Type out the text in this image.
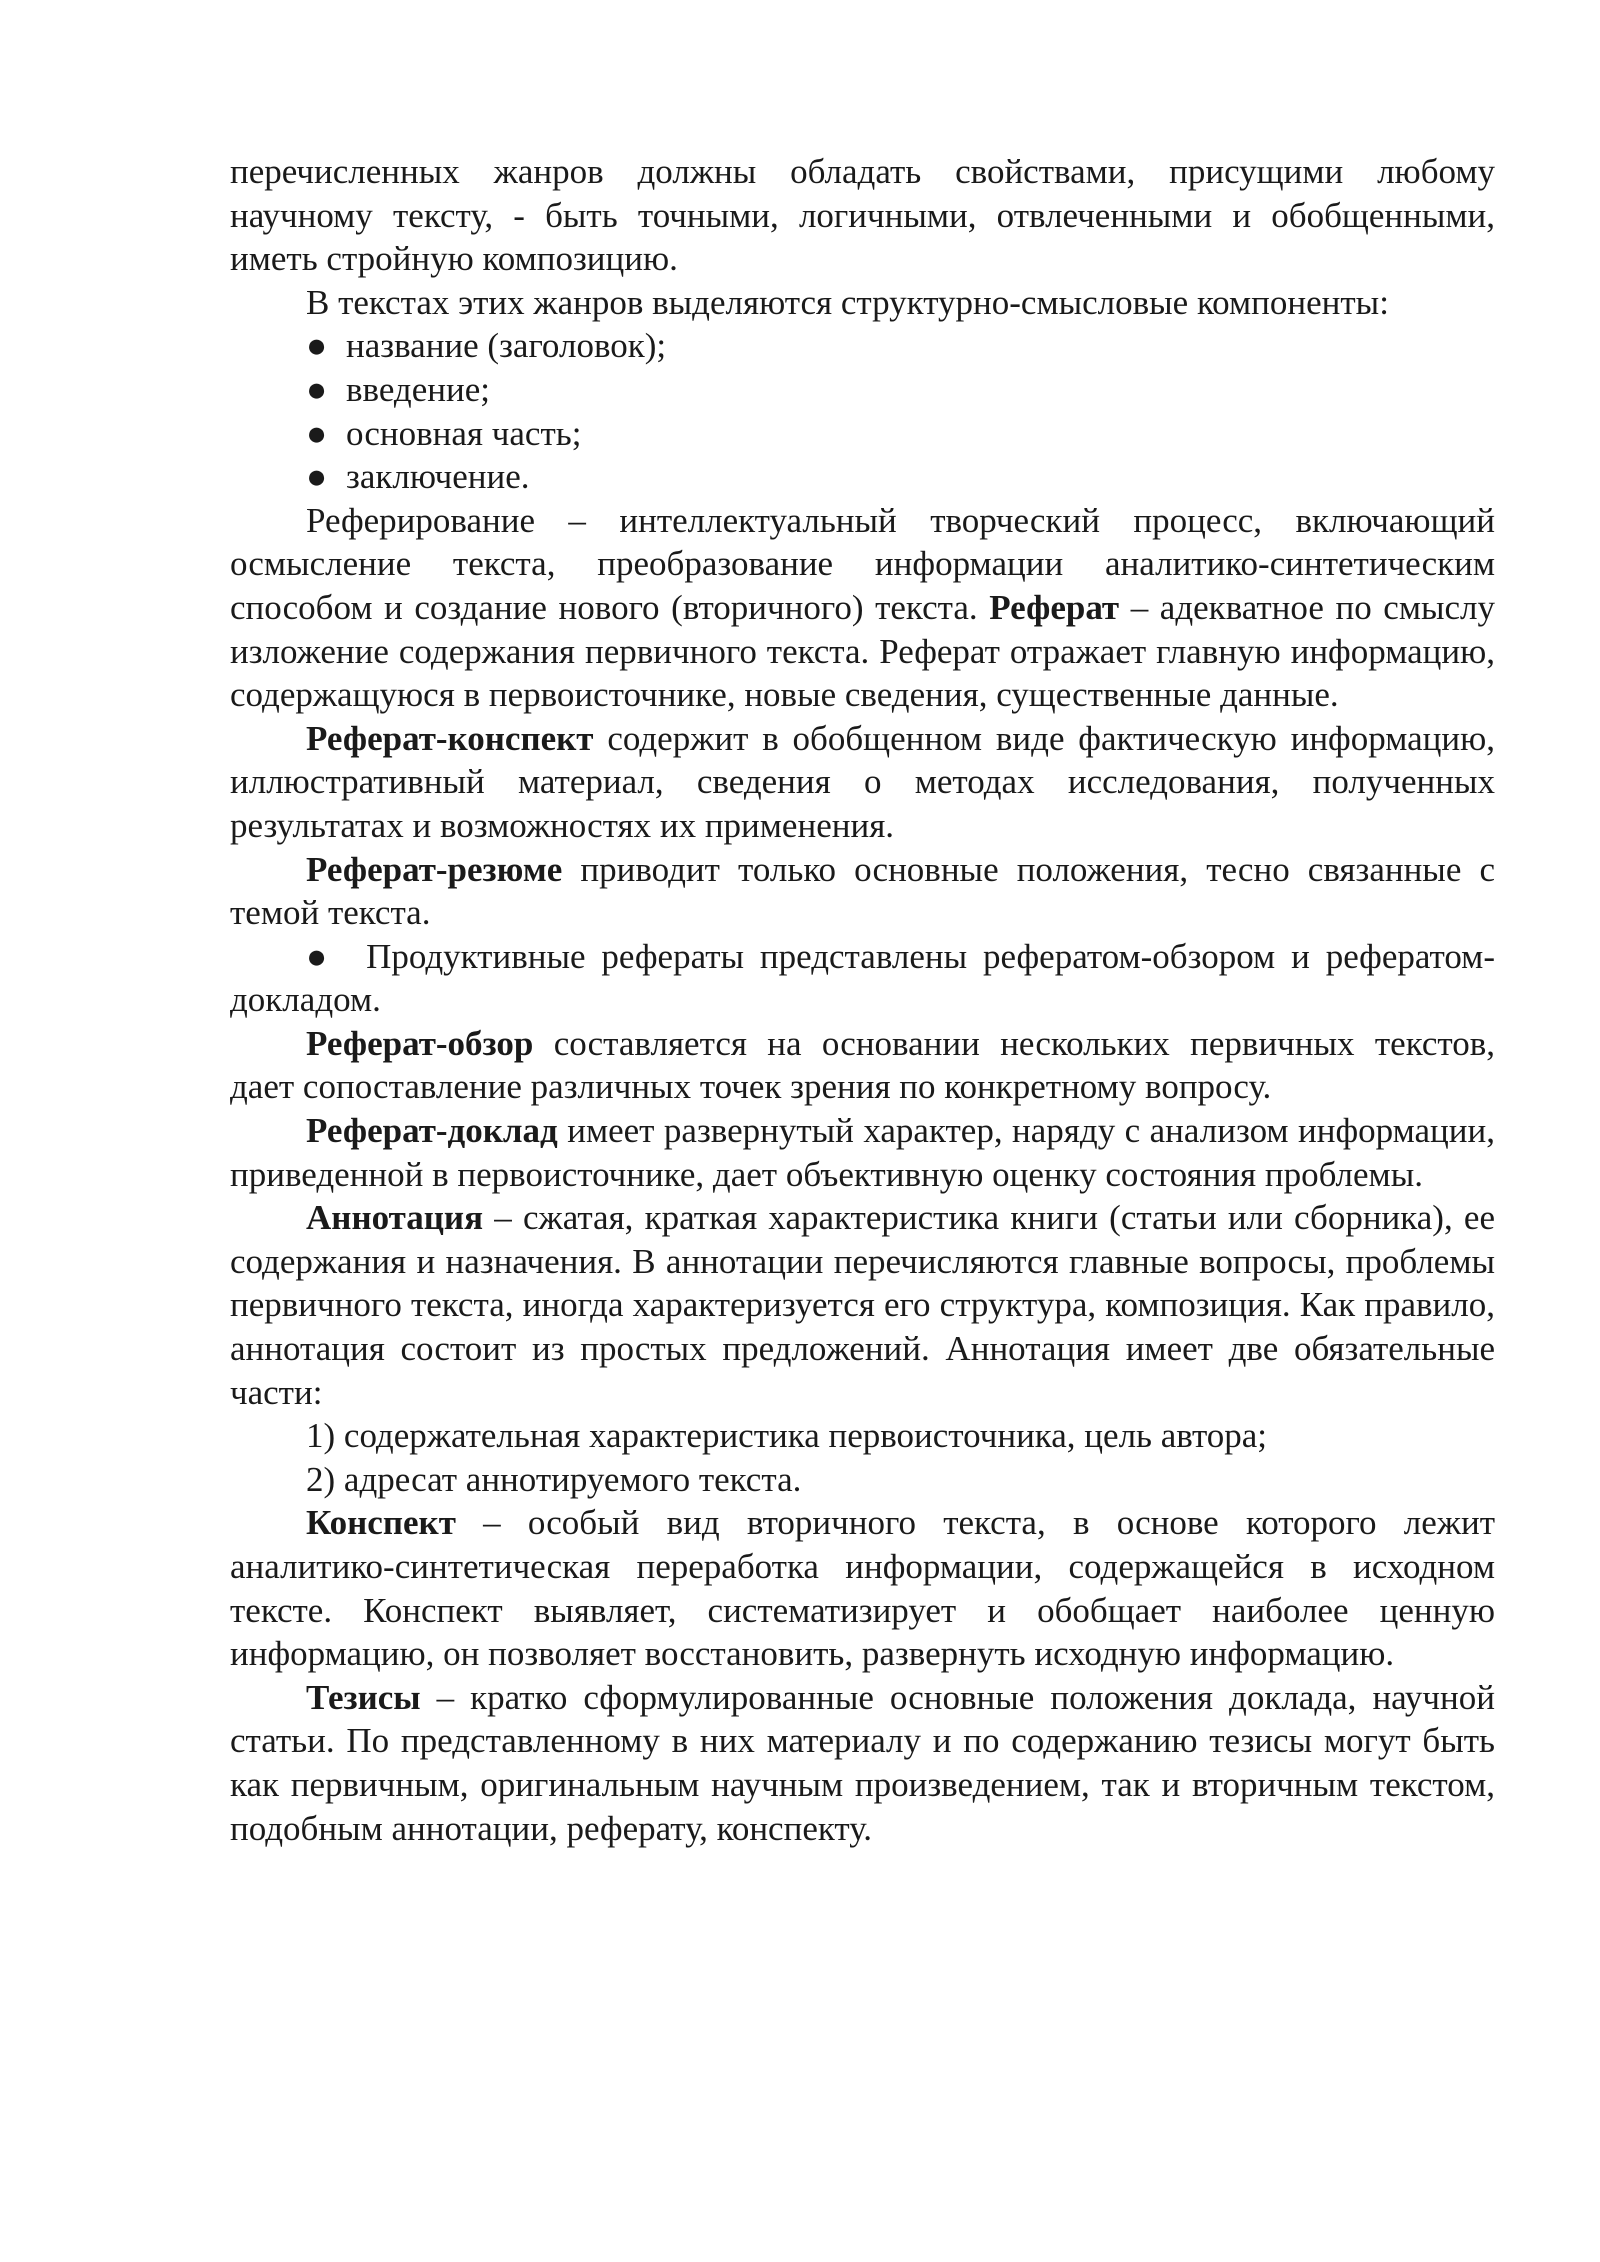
перечисленных жанров должны обладать свойствами, присущими любому научному тексту, - быть точными, логичными, отвлеченными и обобщенными, иметь стройную композицию.

В текстах этих жанров выделяются структурно-смысловые компоненты:

● название (заголовок);
● введение;
● основная часть;
● заключение.

Реферирование – интеллектуальный творческий процесс, включающий осмысление текста, преобразование информации аналитико-синтетическим способом и создание нового (вторичного) текста. Реферат – адекватное по смыслу изложение содержания первичного текста. Реферат отражает главную информацию, содержащуюся в первоисточнике, новые сведения, существенные данные.

Реферат-конспект содержит в обобщенном виде фактическую информацию, иллюстративный материал, сведения о методах исследования, полученных результатах и возможностях их применения.

Реферат-резюме приводит только основные положения, тесно связанные с темой текста.

●  Продуктивные рефераты представлены рефератом-обзором и рефератом-докладом.

Реферат-обзор составляется на основании нескольких первичных текстов, дает сопоставление различных точек зрения по конкретному вопросу.

Реферат-доклад имеет развернутый характер, наряду с анализом информации, приведенной в первоисточнике, дает объективную оценку состояния проблемы.

Аннотация – сжатая, краткая характеристика книги (статьи или сборника), ее содержания и назначения. В аннотации перечисляются главные вопросы, проблемы первичного текста, иногда характеризуется его структура, композиция. Как правило, аннотация состоит из простых предложений. Аннотация имеет две обязательные части:

1) содержательная характеристика первоисточника, цель автора;
2) адресат аннотируемого текста.

Конспект – особый вид вторичного текста, в основе которого лежит аналитико-синтетическая переработка информации, содержащейся в исходном тексте. Конспект выявляет, систематизирует и обобщает наиболее ценную информацию, он позволяет восстановить, развернуть исходную информацию.

Тезисы – кратко сформулированные основные положения доклада, научной статьи. По представленному в них материалу и по содержанию тезисы могут быть как первичным, оригинальным научным произведением, так и вторичным текстом, подобным аннотации, реферату, конспекту.
